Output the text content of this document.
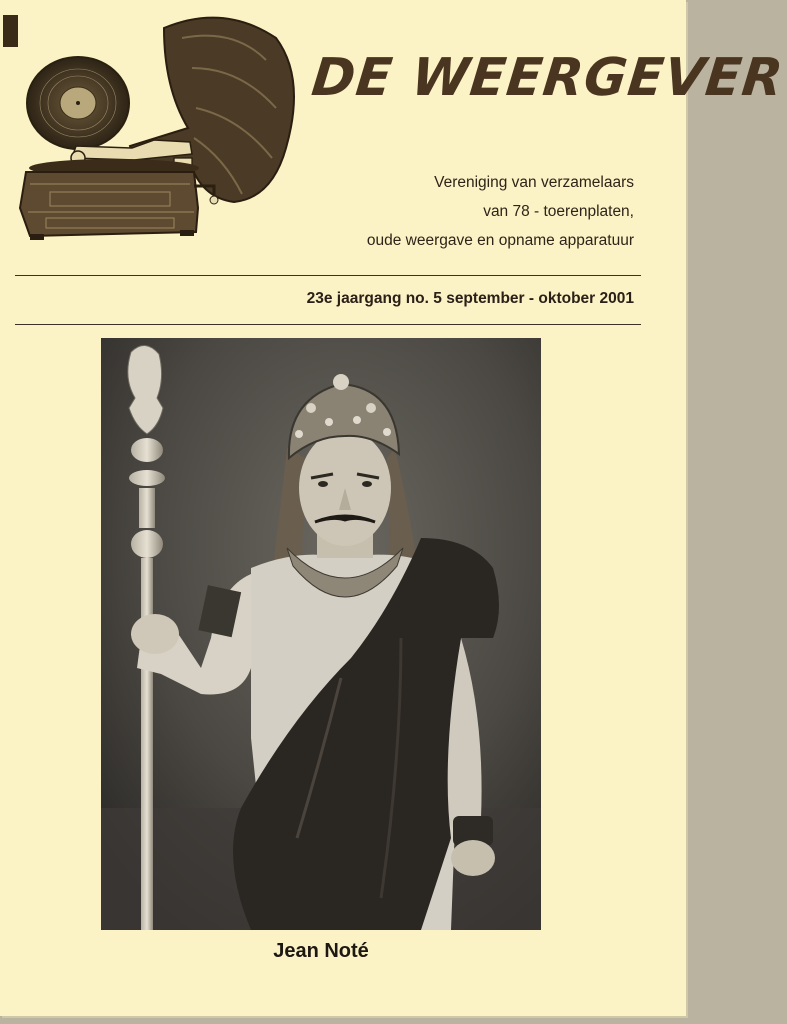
DE WEERGEVER
Vereniging van verzamelaars
van 78 - toerenplaten,
oude weergave en opname apparatuur
23e jaargang no. 5 september - oktober 2001
Jean Noté
